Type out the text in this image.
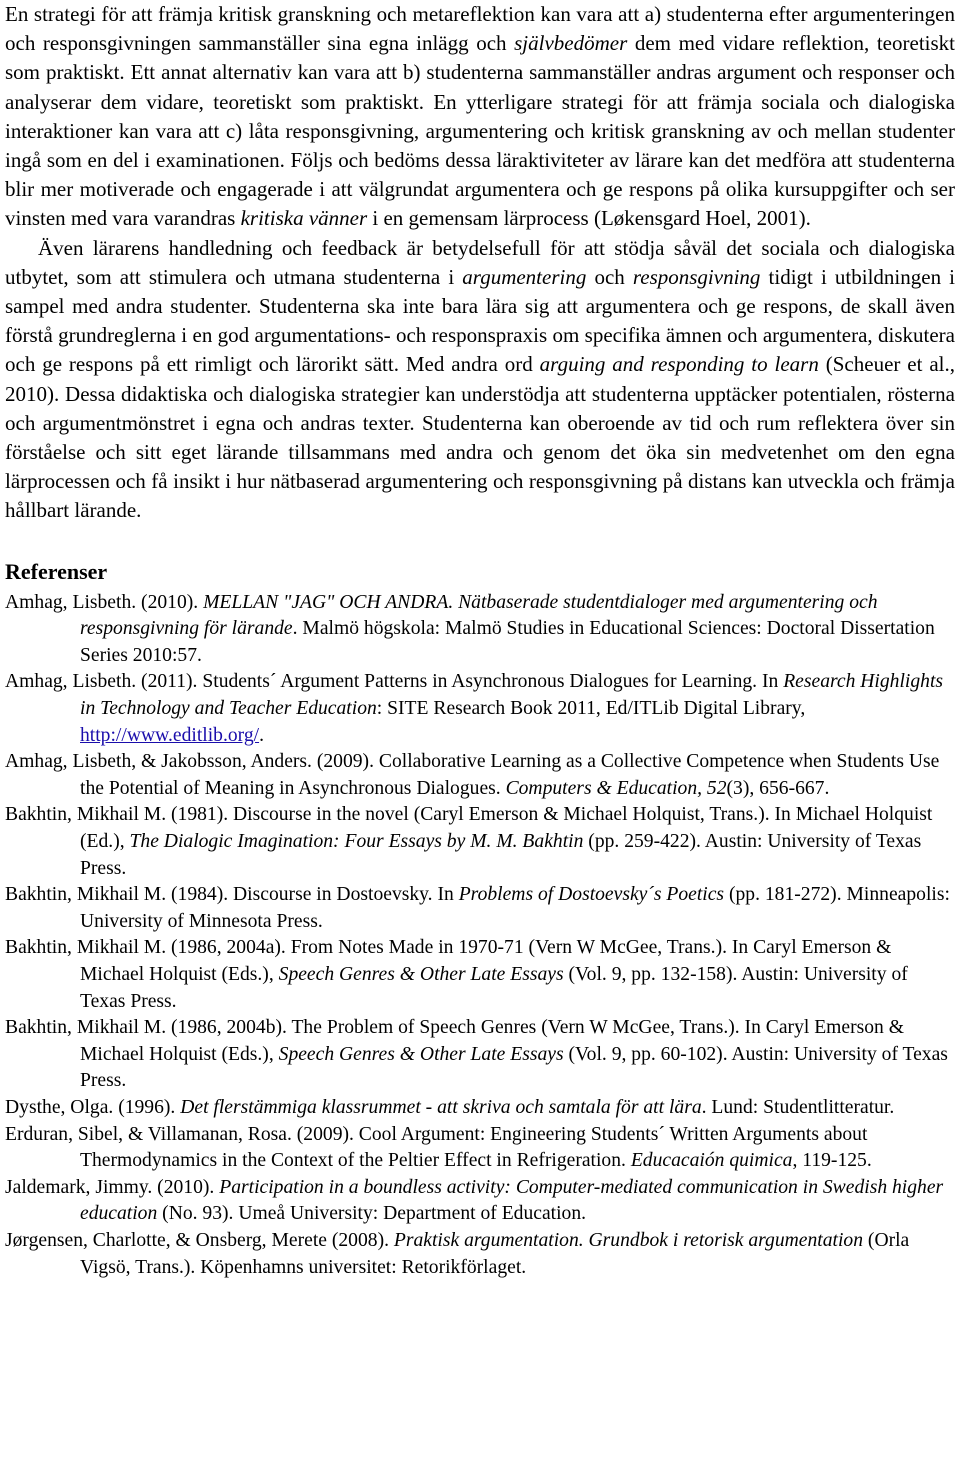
En strategi för att främja kritisk granskning och metareflektion kan vara att a) studenterna efter argumenteringen och responsgivningen sammanställer sina egna inlägg och självbedömer dem med vidare reflektion, teoretiskt som praktiskt. Ett annat alternativ kan vara att b) studenterna sammanställer andras argument och responser och analyserar dem vidare, teoretiskt som praktiskt. En ytterligare strategi för att främja sociala och dialogiska interaktioner kan vara att c) låta responsgivning, argumentering och kritisk granskning av och mellan studenter ingå som en del i examinationen. Följs och bedöms dessa läraktiviteter av lärare kan det medföra att studenterna blir mer motiverade och engagerade i att välgrundat argumentera och ge respons på olika kursuppgifter och ser vinsten med vara varandras kritiska vänner i en gemensam lärprocess (Løkensgard Hoel, 2001).

Även lärarens handledning och feedback är betydelsefull för att stödja såväl det sociala och dialogiska utbytet, som att stimulera och utmana studenterna i argumentering och responsgivning tidigt i utbildningen i sampel med andra studenter. Studenterna ska inte bara lära sig att argumentera och ge respons, de skall även förstå grundreglerna i en god argumentations- och responspraxis om specifika ämnen och argumentera, diskutera och ge respons på ett rimligt och lärorikt sätt. Med andra ord arguing and responding to learn (Scheuer et al., 2010). Dessa didaktiska och dialogiska strategier kan understödja att studenterna upptäcker potentialen, rösterna och argumentmönstret i egna och andras texter. Studenterna kan oberoende av tid och rum reflektera över sin förståelse och sitt eget lärande tillsammans med andra och genom det öka sin medvetenhet om den egna lärprocessen och få insikt i hur nätbaserad argumentering och responsgivning på distans kan utveckla och främja hållbart lärande.

Referenser

Amhag, Lisbeth. (2010). MELLAN "JAG" OCH ANDRA. Nätbaserade studentdialoger med argumentering och responsgivning för lärande. Malmö högskola: Malmö Studies in Educational Sciences: Doctoral Dissertation Series 2010:57.

Amhag, Lisbeth. (2011). Students´ Argument Patterns in Asynchronous Dialogues for Learning. In Research Highlights in Technology and Teacher Education: SITE Research Book 2011, Ed/ITLib Digital Library, http://www.editlib.org/.

Amhag, Lisbeth, & Jakobsson, Anders. (2009). Collaborative Learning as a Collective Competence when Students Use the Potential of Meaning in Asynchronous Dialogues. Computers & Education, 52(3), 656-667.

Bakhtin, Mikhail M. (1981). Discourse in the novel (Caryl Emerson & Michael Holquist, Trans.). In Michael Holquist (Ed.), The Dialogic Imagination: Four Essays by M. M. Bakhtin (pp. 259-422). Austin: University of Texas Press.

Bakhtin, Mikhail M. (1984). Discourse in Dostoevsky. In Problems of Dostoevsky´s Poetics (pp. 181-272). Minneapolis: University of Minnesota Press.

Bakhtin, Mikhail M. (1986, 2004a). From Notes Made in 1970-71 (Vern W McGee, Trans.). In Caryl Emerson & Michael Holquist (Eds.), Speech Genres & Other Late Essays (Vol. 9, pp. 132-158). Austin: University of Texas Press.

Bakhtin, Mikhail M. (1986, 2004b). The Problem of Speech Genres (Vern W McGee, Trans.). In Caryl Emerson & Michael Holquist (Eds.), Speech Genres & Other Late Essays (Vol. 9, pp. 60-102). Austin: University of Texas Press.

Dysthe, Olga. (1996). Det flerstämmiga klassrummet - att skriva och samtala för att lära. Lund: Studentlitteratur.

Erduran, Sibel, & Villamanan, Rosa. (2009). Cool Argument: Engineering Students´ Written Arguments about Thermodynamics in the Context of the Peltier Effect in Refrigeration. Educacaión quimica, 119-125.

Jaldemark, Jimmy. (2010). Participation in a boundless activity: Computer-mediated communication in Swedish higher education (No. 93). Umeå University: Department of Education.

Jørgensen, Charlotte, & Onsberg, Merete (2008). Praktisk argumentation. Grundbok i retorisk argumentation (Orla Vigsö, Trans.). Köpenhamns universitet: Retorikförlaget.
